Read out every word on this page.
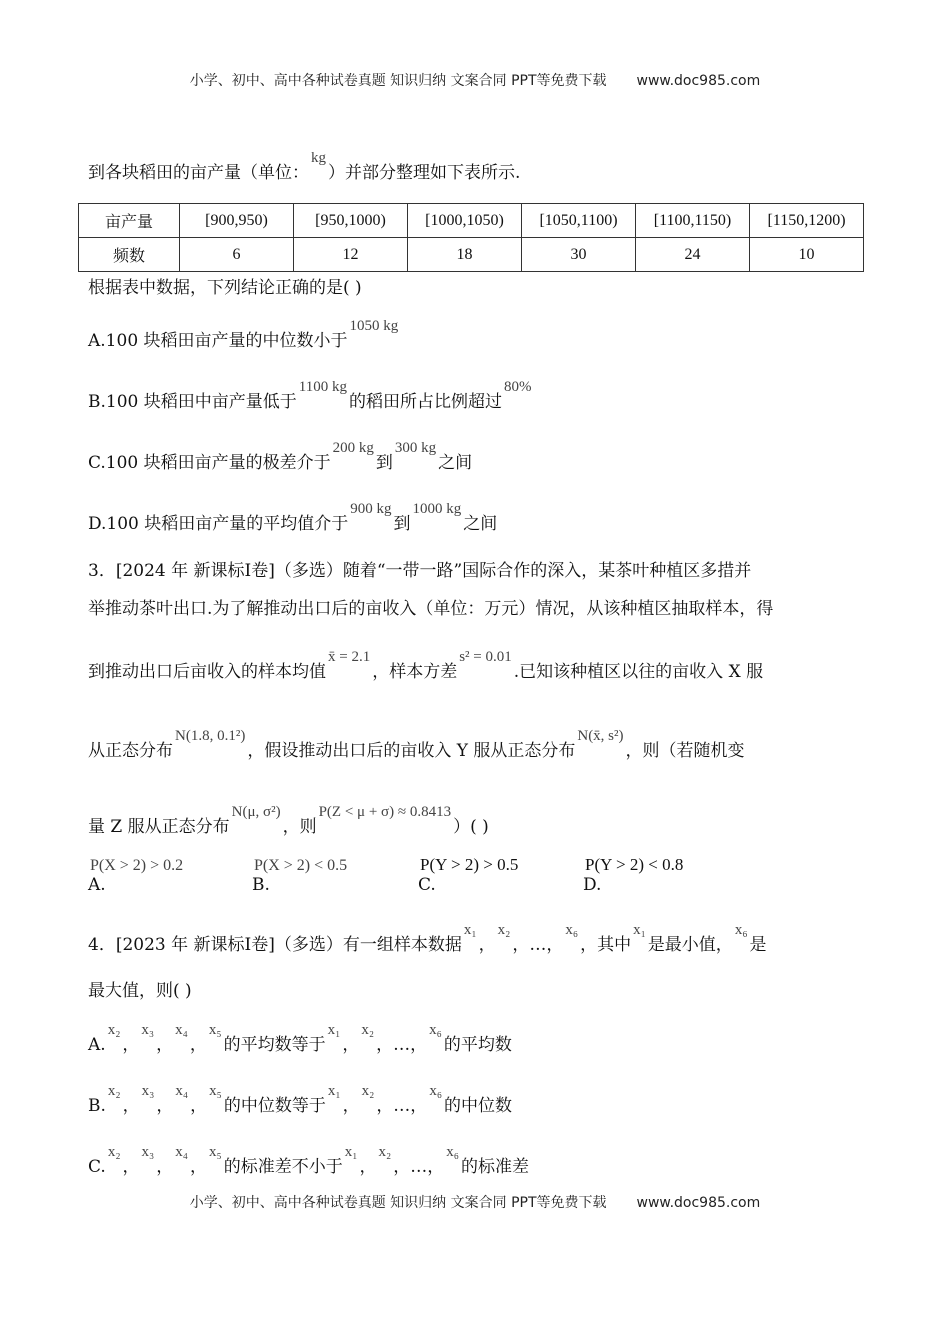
小学、初中、高中各种试卷真题 知识归纳 文案合同 PPT等免费下载 www.doc985.com
到各块稻田的亩产量（单位：kg）并部分整理如下表所示.
亩产量	[900,950)	[950,1000)	[1000,1050)	[1050,1100)	[1100,1150)	[1150,1200)
频数	6	12	18	30	24	10
根据表中数据，下列结论正确的是( )
A.100 块稻田亩产量的中位数小于1050 kg
B.100 块稻田中亩产量低于1100 kg的稻田所占比例超过80%
C.100 块稻田亩产量的极差介于200 kg到300 kg之间
D.100 块稻田亩产量的平均值介于900 kg到1000 kg之间
3．[2024 年 新课标Ⅰ卷]（多选）随着“一带一路”国际合作的深入，某茶叶种植区多措并
举推动茶叶出口.为了解推动出口后的亩收入（单位：万元）情况，从该种植区抽取样本，得
到推动出口后亩收入的样本均值x̄ = 2.1，样本方差s² = 0.01.已知该种植区以往的亩收入 X 服
从正态分布N(1.8, 0.1²)，假设推动出口后的亩收入 Y 服从正态分布N(x̄, s²)，则（若随机变
量 Z 服从正态分布N(μ, σ²)，则P(Z < μ + σ) ≈ 0.8413）( )
P(X > 2) > 0.2
A.
P(X > 2) < 0.5
B.
P(Y > 2) > 0.5
C.
P(Y > 2) < 0.8
D.
4．[2023 年 新课标Ⅰ卷]（多选）有一组样本数据x₁，x₂，…，x₆，其中x₁是最小值，x₆是
最大值，则( )
A.x₂，x₃，x₄，x₅的平均数等于x₁，x₂，…，x₆的平均数
B.x₂，x₃，x₄，x₅的中位数等于x₁，x₂，…，x₆的中位数
C.x₂，x₃，x₄，x₅的标准差不小于x₁，x₂，…，x₆的标准差
小学、初中、高中各种试卷真题 知识归纳 文案合同 PPT等免费下载 www.doc985.com
